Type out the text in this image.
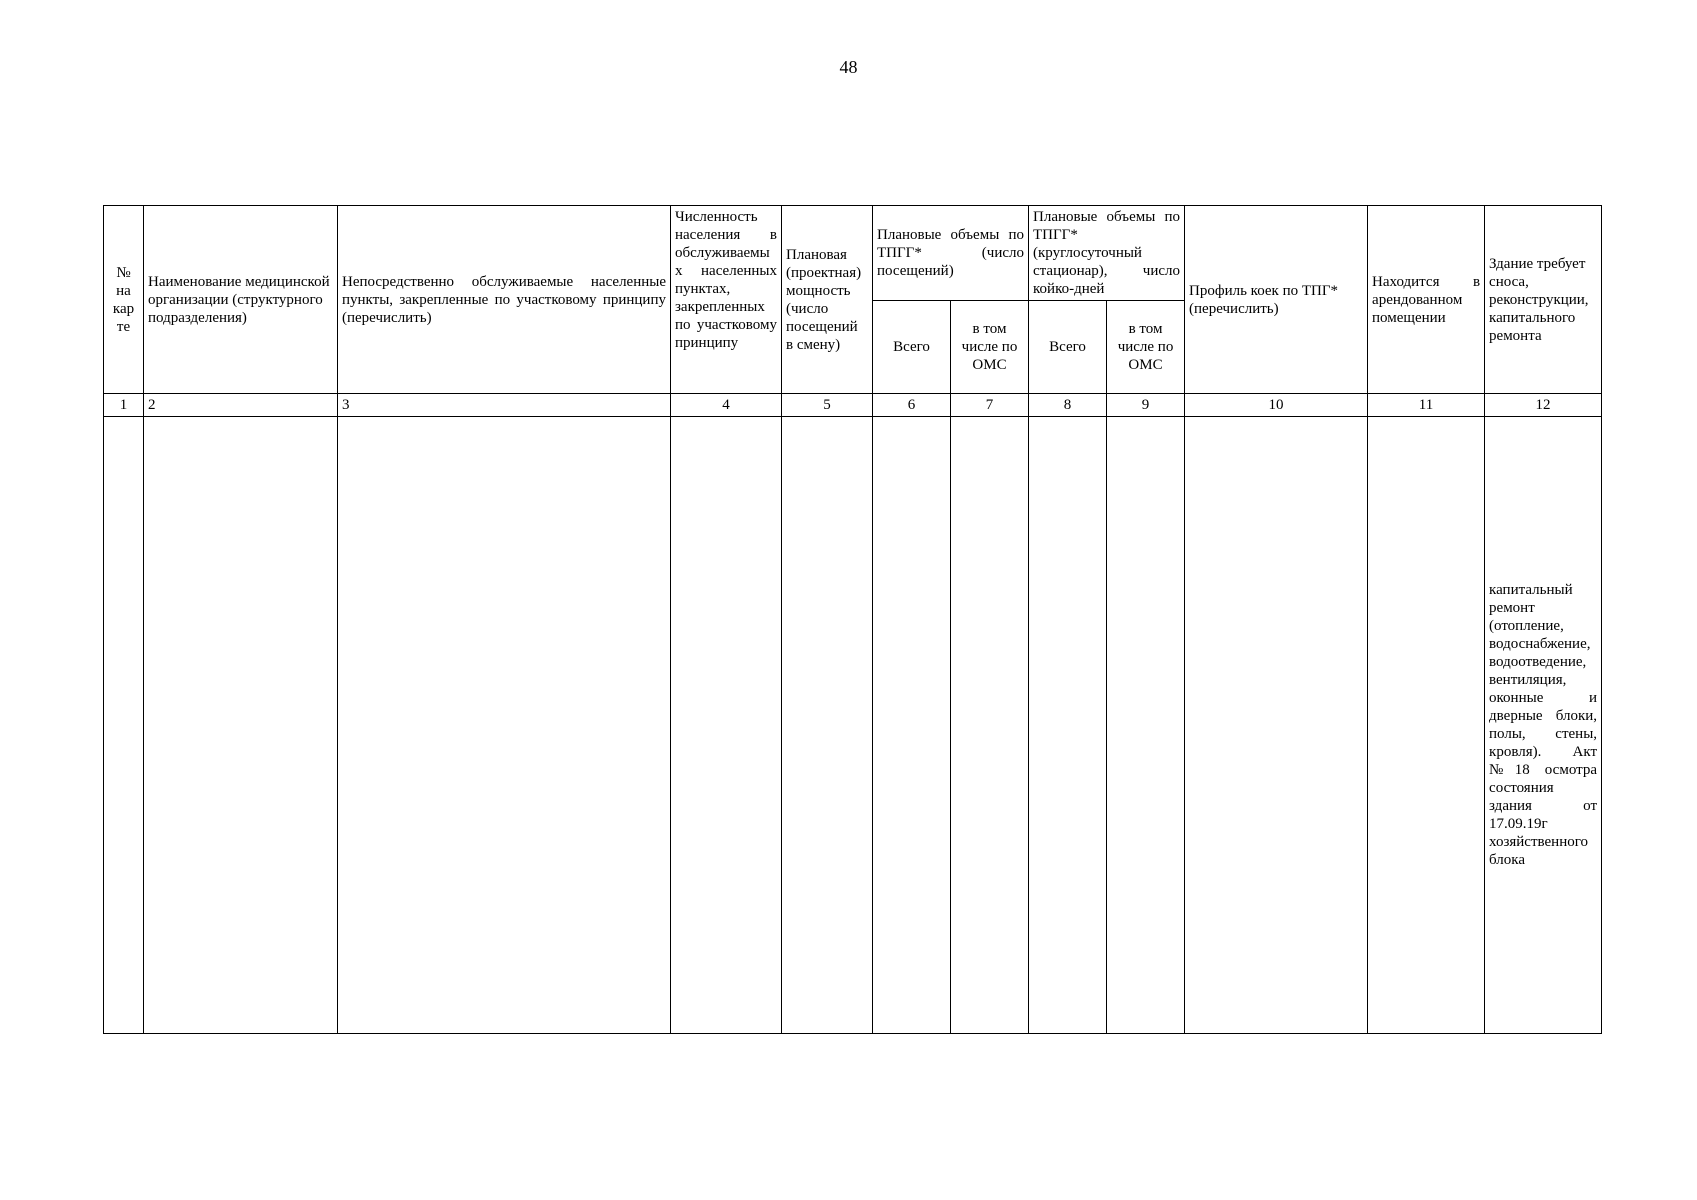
48
№ на кар те	Наименование медицинской организации (структурного подразделения)	Непосредственно обслуживаемые населенные пункты, закрепленные по участковому принципу (перечислить)	Численность населения в обслуживаемых населенных пунктах, закрепленных по участковому принципу	Плановая (проектная) мощность (число посещений в смену)	Плановые объемы по ТПГГ* (число посещений)		Плановые объемы по ТПГГ* (круглосуточный стационар), число койко-дней		Профиль коек по ТПГ* (перечислить)	Находится в арендованном помещении	Здание требует сноса, реконструкции, капитального ремонта
					Всего	в том числе по ОМС	Всего	в том числе по ОМС			
1	2	3	4	5	6	7	8	9	10	11	12
											капитальный ремонт (отопление, водоснабжение, водоотведение, вентиляция, оконные и дверные блоки, полы, стены, кровля). Акт №18 осмотра состояния здания от 17.09.19г хозяйственного блока
